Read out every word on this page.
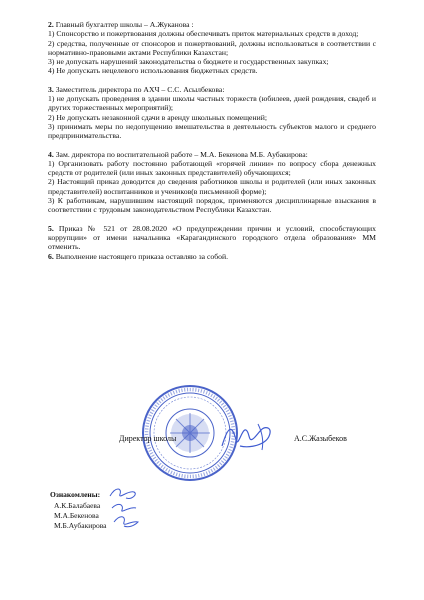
2. Главный бухгалтер школы – А.Жуканова :

1) Спонсорство и пожертвования должны обеспечивать приток материальных средств в доход;

2) средства, полученные от спонсоров и пожертвований, должны использоваться в соответствии с нормативно-правовыми актами Республики Казахстан;

3) не допускать нарушений законодательства о бюджете и государственных закупках;

4) Не допускать нецелевого использования бюджетных средств.

3. Заместитель директора по АХЧ – С.С. Асылбекова:

1) не допускать проведения в здании школы частных торжеств (юбилеев, дней рождения, свадеб и других торжественных мероприятий);

2) Не допускать незаконной сдачи в аренду школьных помещений;

3) принимать меры по недопущению вмешательства в деятельность субъектов малого и среднего предпринимательства.

4. Зам. директора по воспитательной работе – М.А. Бекенова М.Б. Аубакирова:

1) Организовать работу постоянно работающей «горячей линии» по вопросу сбора денежных средств от родителей (или иных законных представителей) обучающихся;

2) Настоящий приказ доводится до сведения работников школы и родителей (или иных законных представителей) воспитанников и учеников(в письменной форме);

3) К работникам, нарушившим настоящий порядок, применяются дисциплинарные взыскания в соответствии с трудовым законодательством Республики Казахстан.

5. Приказ № 521 от 28.08.2020 «О предупреждении причин и условий, способствующих коррупции» от имени начальника «Карагандинского городского отдела образования» ММ отменить.

6. Выполнение настоящего приказа оставляю за собой.

Директор школы	А.С.Жазыбеков
Ознакомлены:
А.К.Балабаева
М.А.Бекенова
М.Б.Аубакирова
